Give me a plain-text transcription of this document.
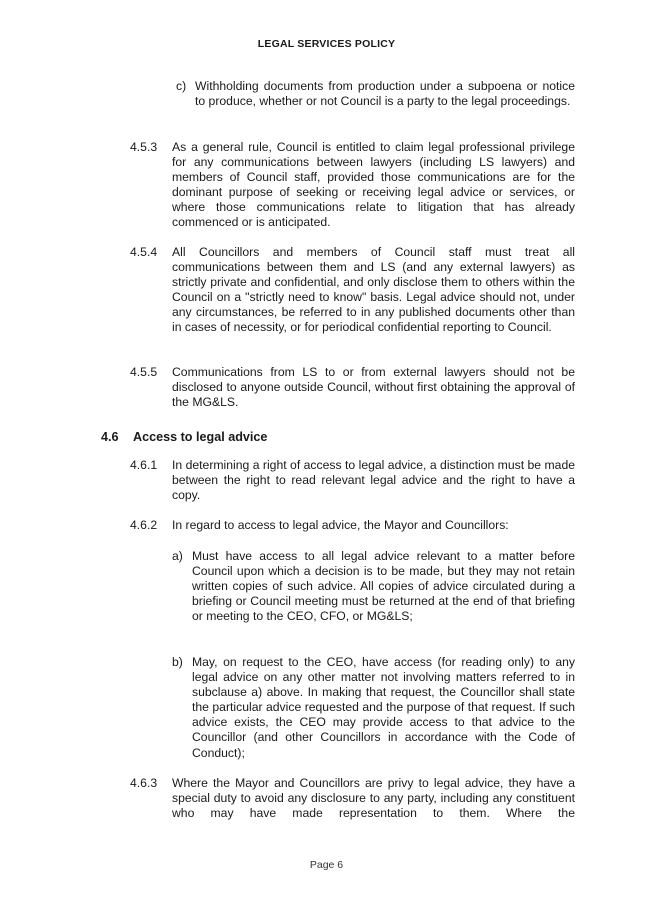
LEGAL SERVICES POLICY
c) Withholding documents from production under a subpoena or notice to produce, whether or not Council is a party to the legal proceedings.

4.5.3 As a general rule, Council is entitled to claim legal professional privilege for any communications between lawyers (including LS lawyers) and members of Council staff, provided those communications are for the dominant purpose of seeking or receiving legal advice or services, or where those communications relate to litigation that has already commenced or is anticipated.

4.5.4 All Councillors and members of Council staff must treat all communications between them and LS (and any external lawyers) as strictly private and confidential, and only disclose them to others within the Council on a "strictly need to know" basis. Legal advice should not, under any circumstances, be referred to in any published documents other than in cases of necessity, or for periodical confidential reporting to Council.

4.5.5 Communications from LS to or from external lawyers should not be disclosed to anyone outside Council, without first obtaining the approval of the MG&LS.

4.6 Access to legal advice
4.6.1 In determining a right of access to legal advice, a distinction must be made between the right to read relevant legal advice and the right to have a copy.

4.6.2 In regard to access to legal advice, the Mayor and Councillors:

a) Must have access to all legal advice relevant to a matter before Council upon which a decision is to be made, but they may not retain written copies of such advice. All copies of advice circulated during a briefing or Council meeting must be returned at the end of that briefing or meeting to the CEO, CFO, or MG&LS;

b) May, on request to the CEO, have access (for reading only) to any legal advice on any other matter not involving matters referred to in subclause a) above. In making that request, the Councillor shall state the particular advice requested and the purpose of that request. If such advice exists, the CEO may provide access to that advice to the Councillor (and other Councillors in accordance with the Code of Conduct);

4.6.3 Where the Mayor and Councillors are privy to legal advice, they have a special duty to avoid any disclosure to any party, including any constituent who may have made representation to them. Where the

Page 6
